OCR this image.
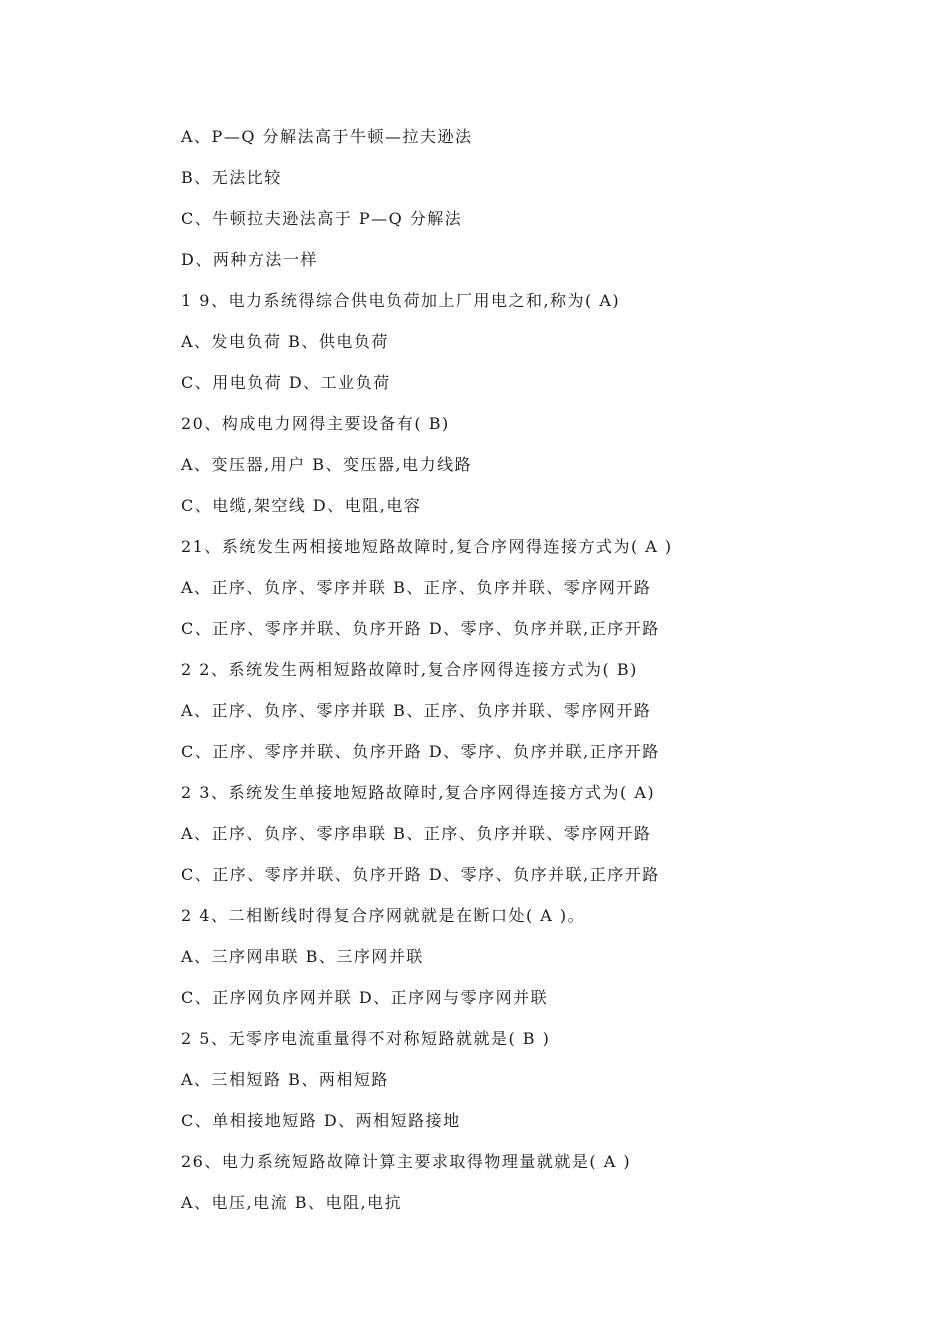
A、P—Q 分解法高于牛顿—拉夫逊法
B、无法比较
C、牛顿拉夫逊法高于 P—Q 分解法
D、两种方法一样
1 9、电力系统得综合供电负荷加上厂用电之和,称为( A)
A、发电负荷 B、供电负荷
C、用电负荷 D、工业负荷
20、构成电力网得主要设备有( B)
A、变压器,用户 B、变压器,电力线路
C、电缆,架空线 D、电阻,电容
21、系统发生两相接地短路故障时,复合序网得连接方式为( A )
A、正序、负序、零序并联 B、正序、负序并联、零序网开路
C、正序、零序并联、负序开路 D、零序、负序并联,正序开路
2 2、系统发生两相短路故障时,复合序网得连接方式为( B)
A、正序、负序、零序并联 B、正序、负序并联、零序网开路
C、正序、零序并联、负序开路 D、零序、负序并联,正序开路
2 3、系统发生单接地短路故障时,复合序网得连接方式为( A)
A、正序、负序、零序串联 B、正序、负序并联、零序网开路
C、正序、零序并联、负序开路 D、零序、负序并联,正序开路
2 4、二相断线时得复合序网就就是在断口处( A )。
A、三序网串联 B、三序网并联
C、正序网负序网并联 D、正序网与零序网并联
2 5、无零序电流重量得不对称短路就就是( B )
A、三相短路 B、两相短路
C、单相接地短路 D、两相短路接地
26、电力系统短路故障计算主要求取得物理量就就是( A )
A、电压,电流 B、电阻,电抗
